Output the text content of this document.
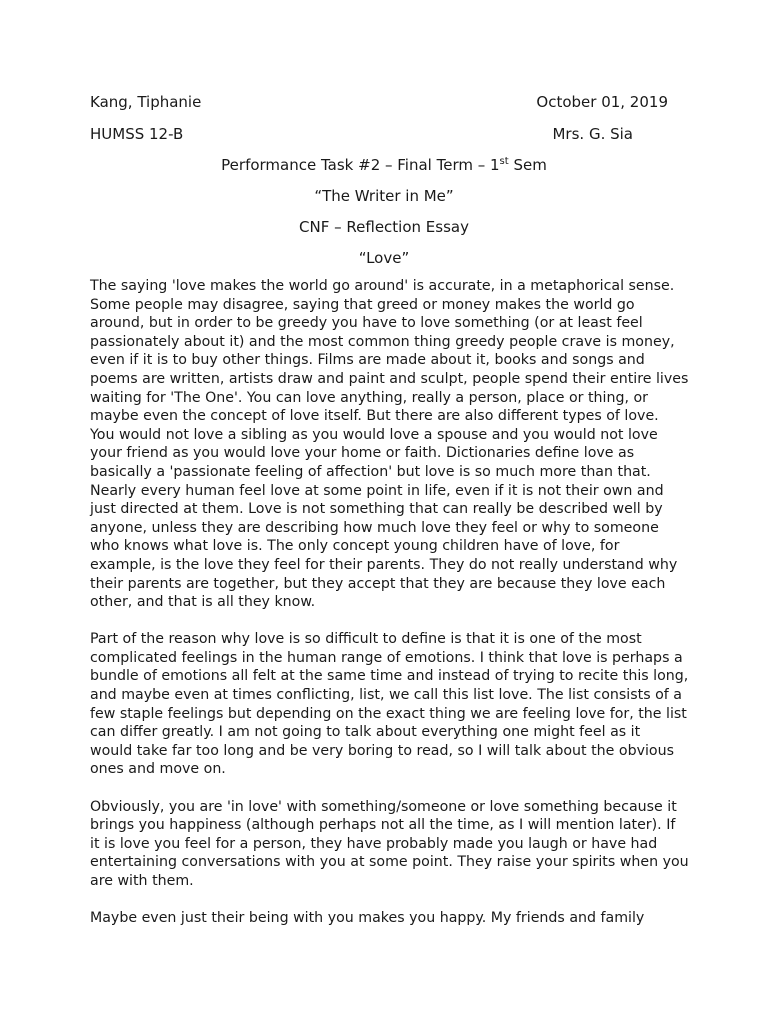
Kang, Tiphanie	October 01, 2019
HUMSS 12-B	Mrs. G. Sia
Performance Task #2 – Final Term – 1st Sem
“The Writer in Me”
CNF – Reflection Essay
“Love”

The saying 'love makes the world go around' is accurate, in a metaphorical sense.
Some people may disagree, saying that greed or money makes the world go
around, but in order to be greedy you have to love something (or at least feel
passionately about it) and the most common thing greedy people crave is money,
even if it is to buy other things. Films are made about it, books and songs and
poems are written, artists draw and paint and sculpt, people spend their entire lives
waiting for 'The One'. You can love anything, really a person, place or thing, or
maybe even the concept of love itself. But there are also different types of love.
You would not love a sibling as you would love a spouse and you would not love
your friend as you would love your home or faith. Dictionaries define love as
basically a 'passionate feeling of affection' but love is so much more than that.
Nearly every human feel love at some point in life, even if it is not their own and
just directed at them. Love is not something that can really be described well by
anyone, unless they are describing how much love they feel or why to someone
who knows what love is. The only concept young children have of love, for
example, is the love they feel for their parents. They do not really understand why
their parents are together, but they accept that they are because they love each
other, and that is all they know.

Part of the reason why love is so difficult to define is that it is one of the most
complicated feelings in the human range of emotions. I think that love is perhaps a
bundle of emotions all felt at the same time and instead of trying to recite this long,
and maybe even at times conflicting, list, we call this list love. The list consists of a
few staple feelings but depending on the exact thing we are feeling love for, the list
can differ greatly. I am not going to talk about everything one might feel as it
would take far too long and be very boring to read, so I will talk about the obvious
ones and move on.

Obviously, you are 'in love' with something/someone or love something because it
brings you happiness (although perhaps not all the time, as I will mention later). If
it is love you feel for a person, they have probably made you laugh or have had
entertaining conversations with you at some point. They raise your spirits when you
are with them.

Maybe even just their being with you makes you happy. My friends and family
